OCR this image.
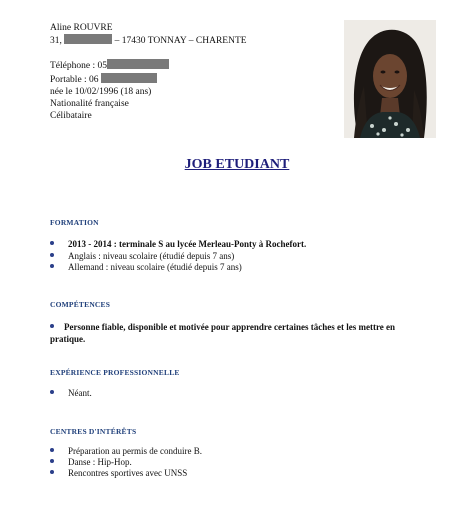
Aline ROUVRE
31,	– 17430 TONNAY – CHARENTE
Téléphone : 05
Portable : 06
née le 10/02/1996 (18 ans)
Nationalité française
Célibataire
JOB ETUDIANT
FORMATION
2013 - 2014 : terminale S au lycée Merleau-Ponty à Rochefort.
Anglais : niveau scolaire (étudié depuis 7 ans)
Allemand : niveau scolaire (étudié depuis 7 ans)
COMPÉTENCES
Personne fiable, disponible et motivée pour apprendre certaines tâches et les mettre en pratique.
EXPÉRIENCE PROFESSIONNELLE
Néant.
CENTRES D'INTÉRÊTS
Préparation au permis de conduire B.
Danse : Hip-Hop.
Rencontres sportives avec UNSS
